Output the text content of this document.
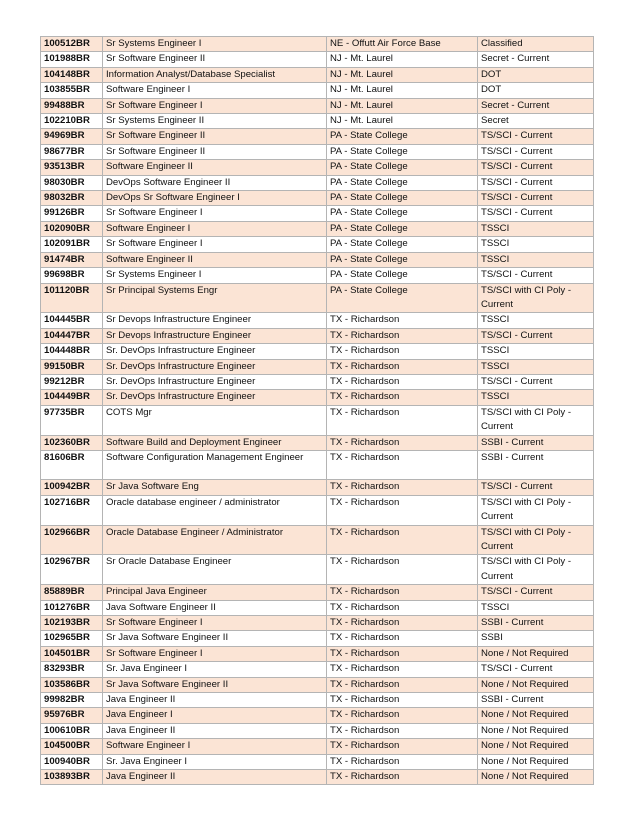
100512BR	Sr Systems Engineer I	NE - Offutt Air Force Base	Classified
101988BR	Sr Software Engineer II	NJ - Mt. Laurel	Secret - Current
104148BR	Information Analyst/Database Specialist	NJ - Mt. Laurel	DOT
103855BR	Software Engineer I	NJ - Mt. Laurel	DOT
99488BR	Sr Software Engineer I	NJ - Mt. Laurel	Secret - Current
102210BR	Sr Systems Engineer II	NJ - Mt. Laurel	Secret
94969BR	Sr Software Engineer II	PA - State College	TS/SCI - Current
98677BR	Sr Software Engineer II	PA - State College	TS/SCI - Current
93513BR	Software Engineer II	PA - State College	TS/SCI - Current
98030BR	DevOps Software Engineer II	PA - State College	TS/SCI - Current
98032BR	DevOps Sr Software Engineer I	PA - State College	TS/SCI - Current
99126BR	Sr Software Engineer I	PA - State College	TS/SCI - Current
102090BR	Software Engineer I	PA - State College	TSSCI
102091BR	Sr Software Engineer I	PA - State College	TSSCI
91474BR	Software Engineer II	PA - State College	TSSCI
99698BR	Sr Systems Engineer I	PA - State College	TS/SCI - Current
101120BR	Sr Principal Systems Engr	PA - State College	TS/SCI with CI Poly - Current
104445BR	Sr Devops Infrastructure Engineer	TX - Richardson	TSSCI
104447BR	Sr Devops Infrastructure Engineer	TX - Richardson	TS/SCI - Current
104448BR	Sr. DevOps Infrastructure Engineer	TX - Richardson	TSSCI
99150BR	Sr. DevOps Infrastructure Engineer	TX - Richardson	TSSCI
99212BR	Sr. DevOps Infrastructure Engineer	TX - Richardson	TS/SCI - Current
104449BR	Sr. DevOps Infrastructure Engineer	TX - Richardson	TSSCI
97735BR	COTS Mgr	TX - Richardson	TS/SCI with CI Poly - Current
102360BR	Software Build and Deployment Engineer	TX - Richardson	SSBI - Current
81606BR	Software Configuration Management Engineer	TX - Richardson	SSBI - Current
100942BR	Sr Java Software Eng	TX - Richardson	TS/SCI - Current
102716BR	Oracle database engineer / administrator	TX - Richardson	TS/SCI with CI Poly - Current
102966BR	Oracle Database Engineer / Administrator	TX - Richardson	TS/SCI with CI Poly - Current
102967BR	Sr Oracle Database Engineer	TX - Richardson	TS/SCI with CI Poly - Current
85889BR	Principal Java Engineer	TX - Richardson	TS/SCI - Current
101276BR	Java Software Engineer II	TX - Richardson	TSSCI
102193BR	Sr Software Engineer I	TX - Richardson	SSBI - Current
102965BR	Sr Java Software Engineer II	TX - Richardson	SSBI
104501BR	Sr Software Engineer I	TX - Richardson	None / Not Required
83293BR	Sr. Java Engineer I	TX - Richardson	TS/SCI - Current
103586BR	Sr Java Software Engineer II	TX - Richardson	None / Not Required
99982BR	Java Engineer II	TX - Richardson	SSBI - Current
95976BR	Java Engineer I	TX - Richardson	None / Not Required
100610BR	Java Engineer II	TX - Richardson	None / Not Required
104500BR	Software Engineer I	TX - Richardson	None / Not Required
100940BR	Sr. Java Engineer I	TX - Richardson	None / Not Required
103893BR	Java Engineer II	TX - Richardson	None / Not Required
